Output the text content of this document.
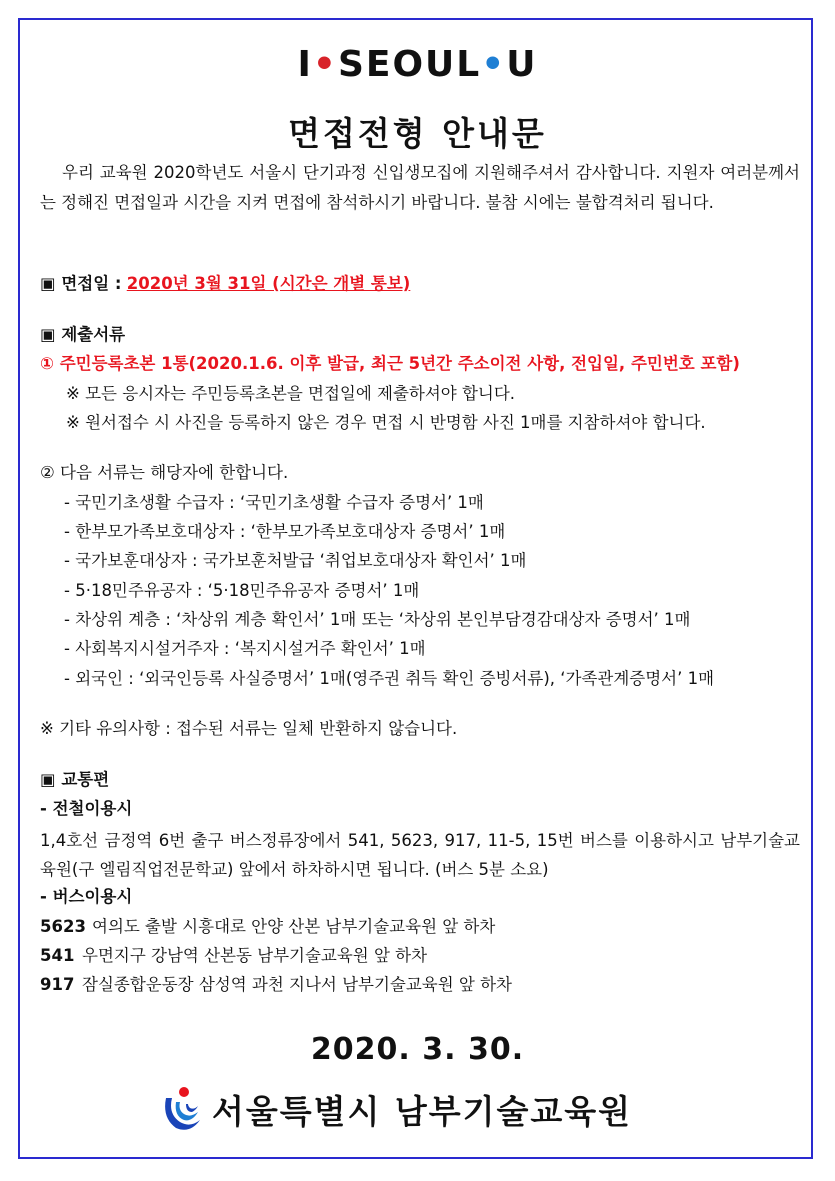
I•SEOUL•U
면접전형 안내문
우리 교육원 2020학년도 서울시 단기과정 신입생모집에 지원해주셔서 감사합니다. 지원자 여러분께서는 정해진 면접일과 시간을 지켜 면접에 참석하시기 바랍니다. 불참 시에는 불합격처리 됩니다.
▣ 면접일 : 2020년 3월 31일 (시간은 개별 통보)
▣ 제출서류
① 주민등록초본 1통(2020.1.6. 이후 발급, 최근 5년간 주소이전 사항, 전입일, 주민번호 포함)
※ 모든 응시자는 주민등록초본을 면접일에 제출하셔야 합니다.
※ 원서접수 시 사진을 등록하지 않은 경우 면접 시 반명함 사진 1매를 지참하셔야 합니다.
② 다음 서류는 해당자에 한합니다.
- 국민기초생활 수급자 : ‘국민기초생활 수급자 증명서’ 1매
- 한부모가족보호대상자 : ‘한부모가족보호대상자 증명서’ 1매
- 국가보훈대상자 : 국가보훈처발급 ‘취업보호대상자 확인서’ 1매
- 5·18민주유공자 : ‘5·18민주유공자 증명서’ 1매
- 차상위 계층 : ‘차상위 계층 확인서’ 1매 또는 ‘차상위 본인부담경감대상자 증명서’ 1매
- 사회복지시설거주자 : ‘복지시설거주 확인서’ 1매
- 외국인 : ‘외국인등록 사실증명서’ 1매(영주권 취득 확인 증빙서류), ‘가족관계증명서’ 1매
※ 기타 유의사항 : 접수된 서류는 일체 반환하지 않습니다.
▣ 교통편
- 전철이용시
1,4호선 금정역 6번 출구 버스정류장에서 541, 5623, 917, 11-5, 15번 버스를 이용하시고 남부기술교육원(구 엘림직업전문학교) 앞에서 하차하시면 됩니다. (버스 5분 소요)
- 버스이용시
5623 여의도 출발 시흥대로 안양 산본 남부기술교육원 앞 하차
541 우면지구 강남역 산본동 남부기술교육원 앞 하차
917 잠실종합운동장 삼성역 과천 지나서 남부기술교육원 앞 하차
2020. 3. 30.
서울특별시 남부기술교육원
